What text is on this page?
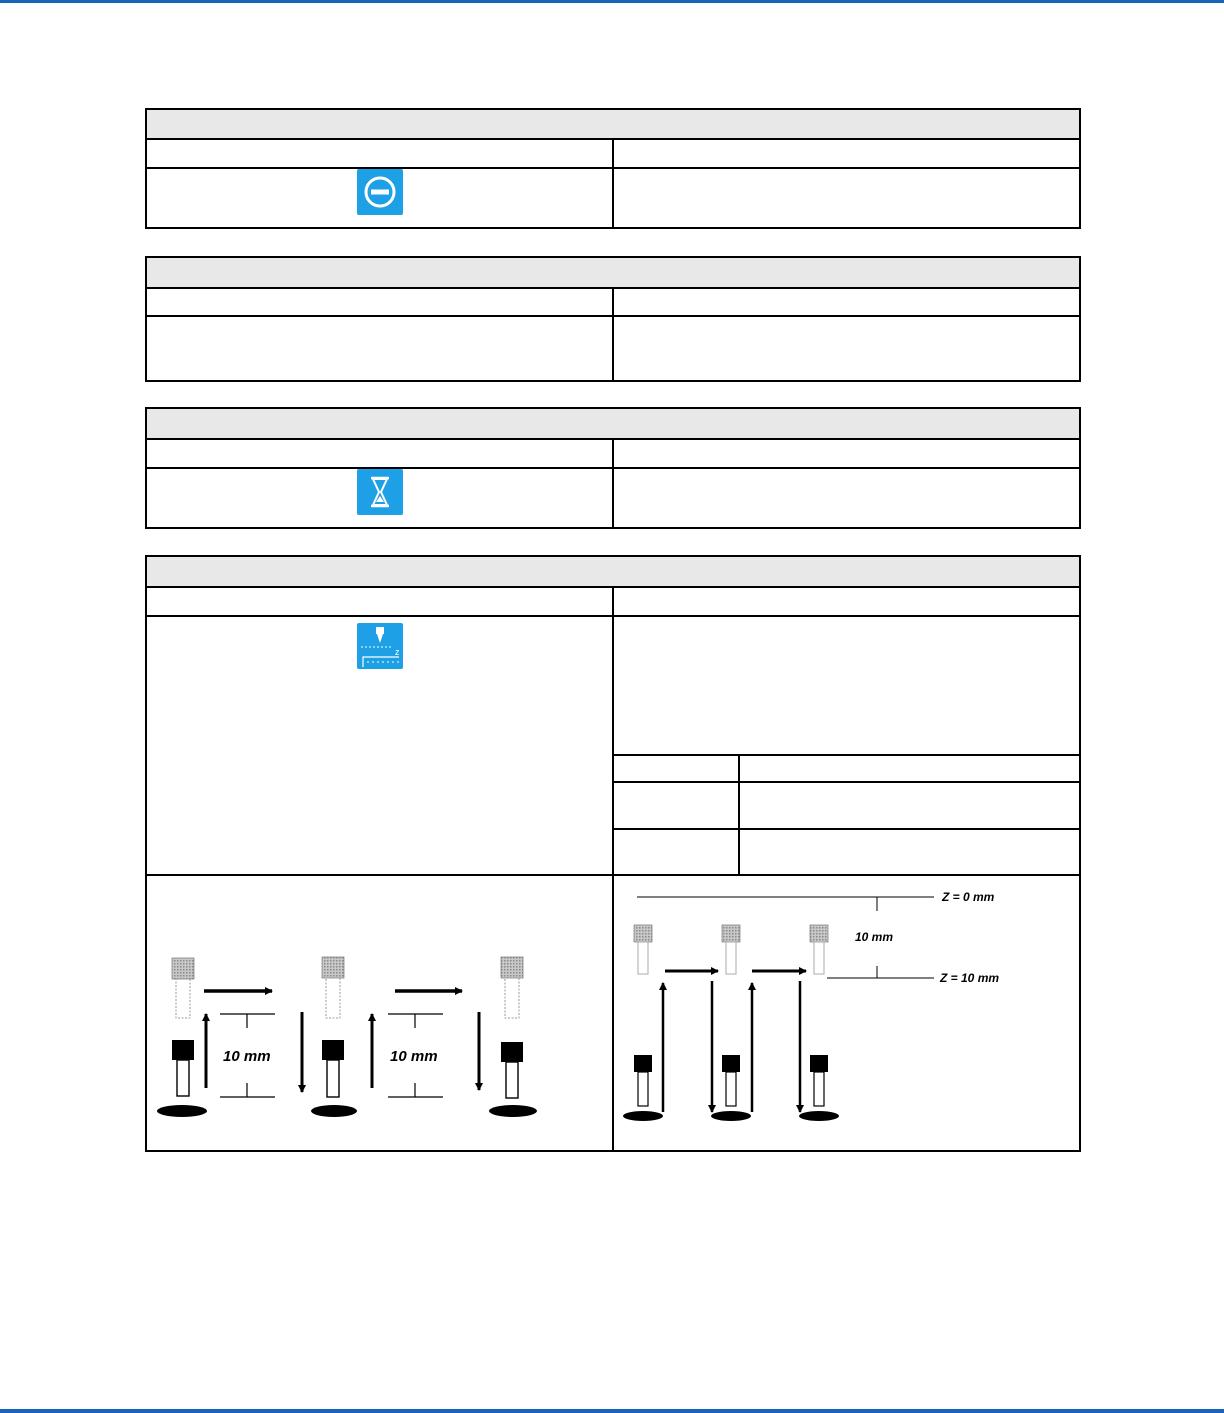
z

10 mm	10 mm
Z = 0 mm
10 mm
Z = 10 mm
